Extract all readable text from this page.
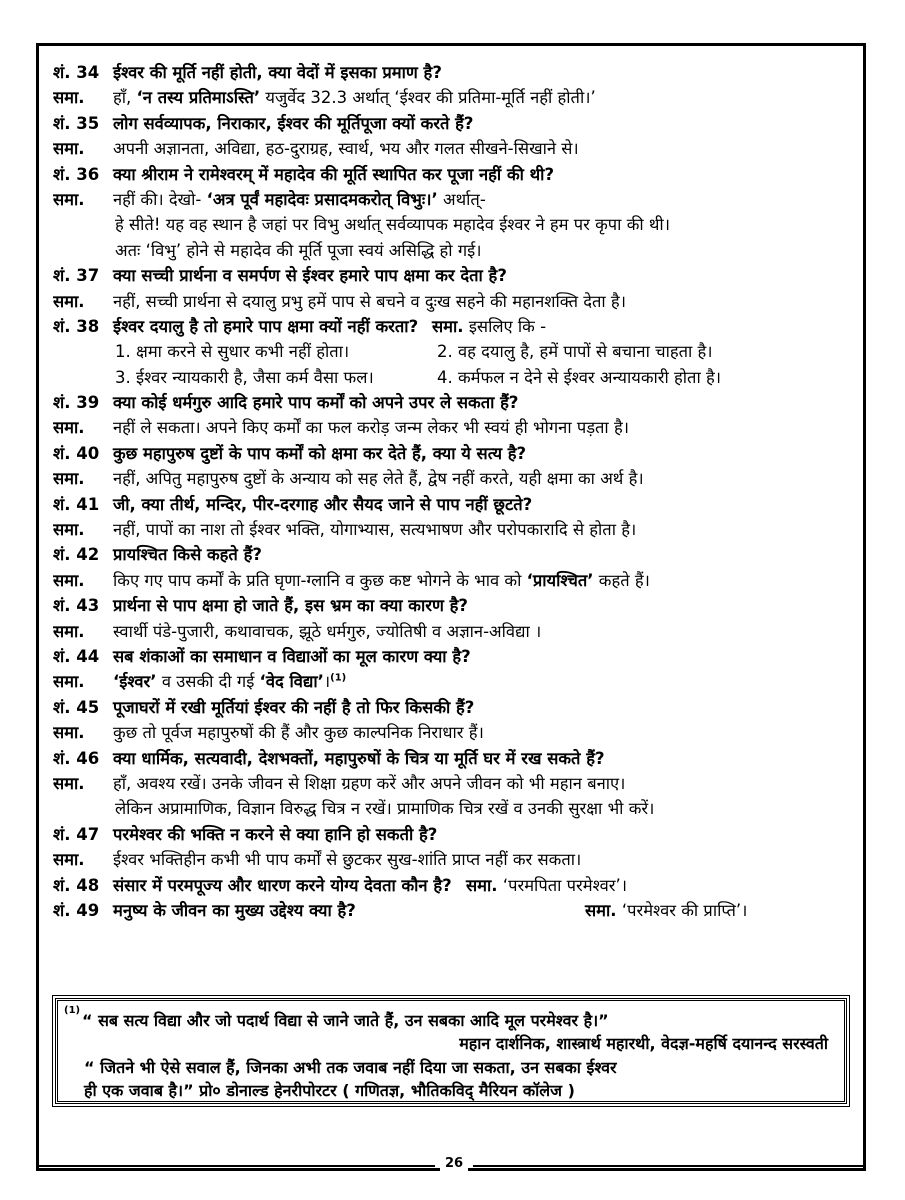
शं. 34 ईश्वर की मूर्ति नहीं होती, क्या वेदों में इसका प्रमाण है?
समा. हाँ, ‘न तस्य प्रतिमाऽस्ति’ यजुर्वेद 32.3 अर्थात् ‘ईश्वर की प्रतिमा-मूर्ति नहीं होती।’
शं. 35 लोग सर्वव्यापक, निराकार, ईश्वर की मूर्तिपूजा क्यों करते हैं?
समा. अपनी अज्ञानता, अविद्या, हठ-दुराग्रह, स्वार्थ, भय और गलत सीखने-सिखाने से।
शं. 36 क्या श्रीराम ने रामेश्वरम् में महादेव की मूर्ति स्थापित कर पूजा नहीं की थी?
समा. नहीं की। देखो- ‘अत्र पूर्वं महादेवः प्रसादमकरोत् विभुः।’ अर्थात्-
हे सीते! यह वह स्थान है जहां पर विभु अर्थात् सर्वव्यापक महादेव ईश्वर ने हम पर कृपा की थी।
अतः ‘विभु’ होने से महादेव की मूर्ति पूजा स्वयं असिद्धि हो गई।
शं. 37 क्या सच्ची प्रार्थना व समर्पण से ईश्वर हमारे पाप क्षमा कर देता है?
समा. नहीं, सच्ची प्रार्थना से दयालु प्रभु हमें पाप से बचने व दुःख सहने की महानशक्ति देता है।
शं. 38 ईश्वर दयालु है तो हमारे पाप क्षमा क्यों नहीं करता? समा. इसलिए कि -
1. क्षमा करने से सुधार कभी नहीं होता।	2. वह दयालु है, हमें पापों से बचाना चाहता है।
3. ईश्वर न्यायकारी है, जैसा कर्म वैसा फल।	4. कर्मफल न देने से ईश्वर अन्यायकारी होता है।
शं. 39 क्या कोई धर्मगुरु आदि हमारे पाप कर्मों को अपने उपर ले सकता हैं?
समा. नहीं ले सकता। अपने किए कर्मों का फल करोड़ जन्म लेकर भी स्वयं ही भोगना पड़ता है।
शं. 40 कुछ महापुरुष दुष्टों के पाप कर्मों को क्षमा कर देते हैं, क्या ये सत्य है?
समा. नहीं, अपितु महापुरुष दुष्टों के अन्याय को सह लेते हैं, द्वेष नहीं करते, यही क्षमा का अर्थ है।
शं. 41 जी, क्या तीर्थ, मन्दिर, पीर-दरगाह और सैयद जाने से पाप नहीं छूटते?
समा. नहीं, पापों का नाश तो ईश्वर भक्ति, योगाभ्यास, सत्यभाषण और परोपकारादि से होता है।
शं. 42 प्रायश्चित किसे कहते हैं?
समा. किए गए पाप कर्मों के प्रति घृणा-ग्लानि व कुछ कष्ट भोगने के भाव को ‘प्रायश्चित’ कहते हैं।
शं. 43 प्रार्थना से पाप क्षमा हो जाते हैं, इस भ्रम का क्या कारण है?
समा. स्वार्थी पंडे-पुजारी, कथावाचक, झूठे धर्मगुरु, ज्योतिषी व अज्ञान-अविद्या ।
शं. 44 सब शंकाओं का समाधान व विद्याओं का मूल कारण क्या है?
समा. ‘ईश्वर’ व उसकी दी गई ‘वेद विद्या’।$^{(1)}$
शं. 45 पूजाघरों में रखी मूर्तियां ईश्वर की नहीं है तो फिर किसकी हैं?
समा. कुछ तो पूर्वज महापुरुषों की हैं और कुछ काल्पनिक निराधार हैं।
शं. 46 क्या धार्मिक, सत्यवादी, देशभक्तों, महापुरुषों के चित्र या मूर्ति घर में रख सकते हैं?
समा. हाँ, अवश्य रखें। उनके जीवन से शिक्षा ग्रहण करें और अपने जीवन को भी महान बनाए।
लेकिन अप्रामाणिक, विज्ञान विरुद्ध चित्र न रखें। प्रामाणिक चित्र रखें व उनकी सुरक्षा भी करें।
शं. 47 परमेश्वर की भक्ति न करने से क्या हानि हो सकती है?
समा. ईश्वर भक्तिहीन कभी भी पाप कर्मों से छुटकर सुख-शांति प्राप्त नहीं कर सकता।
शं. 48 संसार में परमपूज्य और धारण करने योग्य देवता कौन है? समा. ‘परमपिता परमेश्वर’।
शं. 49 मनुष्य के जीवन का मुख्य उद्देश्य क्या है?	समा. ‘परमेश्वर की प्राप्ति’।
(1)
“ सब सत्य विद्या और जो पदार्थ विद्या से जाने जाते हैं, उन सबका आदि मूल परमेश्वर है।”
महान दार्शनिक, शास्त्रार्थ महारथी, वेदज्ञ-महर्षि दयानन्द सरस्वती
“ जितने भी ऐसे सवाल हैं, जिनका अभी तक जवाब नहीं दिया जा सकता, उन सबका ईश्वर
ही एक जवाब है।” प्रो० डोनाल्ड हेनरीपोरटर ( गणितज्ञ, भौतिकविद् मैरियन कॉलेज )
26
